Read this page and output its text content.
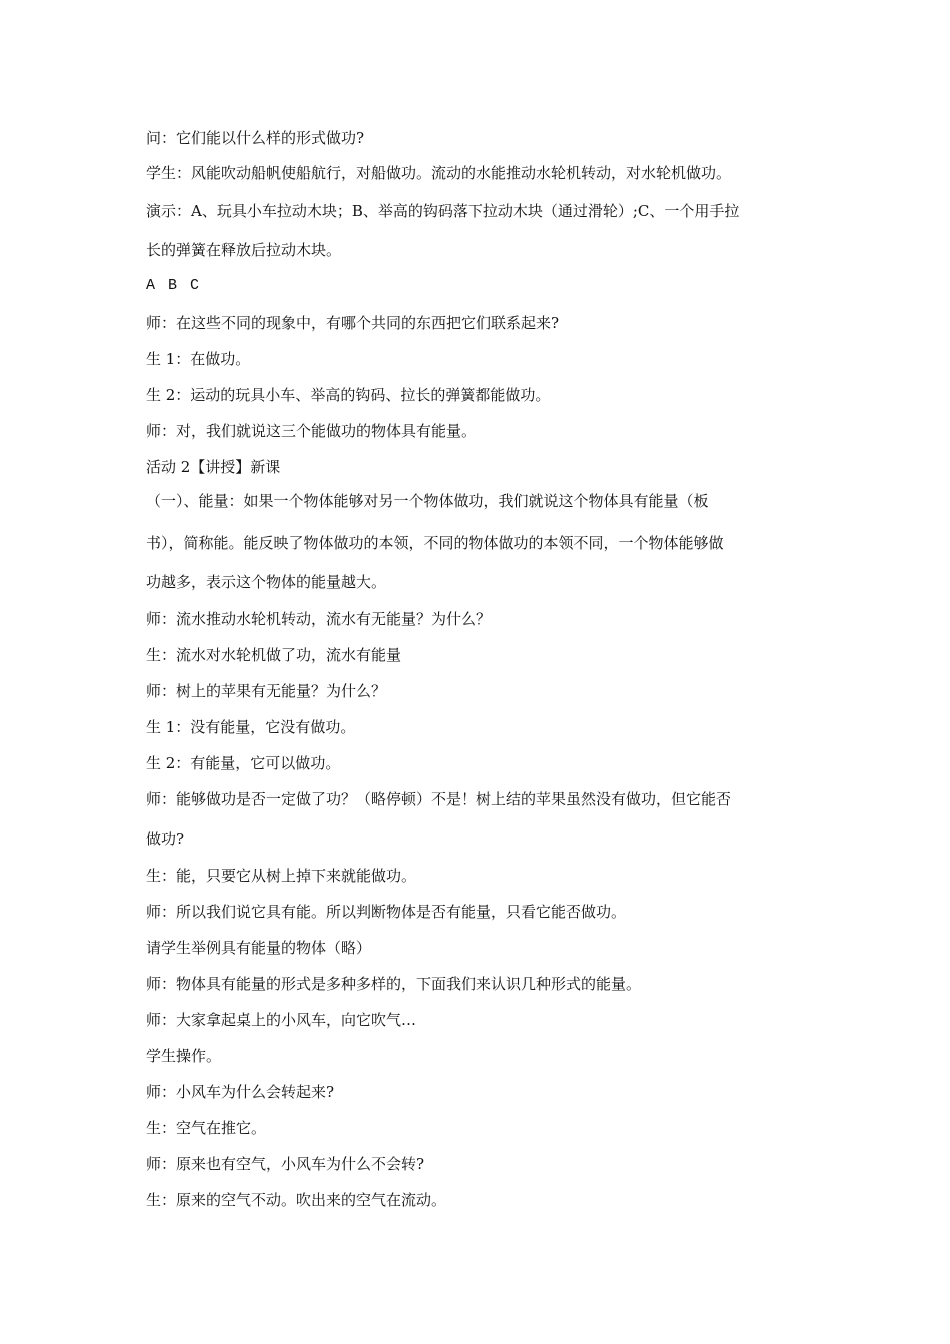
问：它们能以什么样的形式做功?
学生：风能吹动船帆使船航行，对船做功。流动的水能推动水轮机转动，对水轮机做功。
演示：A、玩具小车拉动木块；B、举高的钩码落下拉动木块（通过滑轮）;C、一个用手拉
长的弹簧在释放后拉动木块。
A B C
师：在这些不同的现象中，有哪个共同的东西把它们联系起来?
生 1：在做功。
生 2：运动的玩具小车、举高的钩码、拉长的弹簧都能做功。
师：对，我们就说这三个能做功的物体具有能量。
活动 2【讲授】新课
（一）、能量：如果一个物体能够对另一个物体做功，我们就说这个物体具有能量（板
书），简称能。能反映了物体做功的本领，不同的物体做功的本领不同，一个物体能够做
功越多，表示这个物体的能量越大。
师：流水推动水轮机转动，流水有无能量？为什么？
生：流水对水轮机做了功，流水有能量
师：树上的苹果有无能量？为什么？
生 1：没有能量，它没有做功。
生 2：有能量，它可以做功。
师：能够做功是否一定做了功？（略停顿）不是！树上结的苹果虽然没有做功，但它能否
做功?
生：能，只要它从树上掉下来就能做功。
师：所以我们说它具有能。所以判断物体是否有能量，只看它能否做功。
请学生举例具有能量的物体（略）
师：物体具有能量的形式是多种多样的，下面我们来认识几种形式的能量。
师：大家拿起桌上的小风车，向它吹气…
学生操作。
师：小风车为什么会转起来?
生：空气在推它。
师：原来也有空气，小风车为什么不会转?
生：原来的空气不动。吹出来的空气在流动。
